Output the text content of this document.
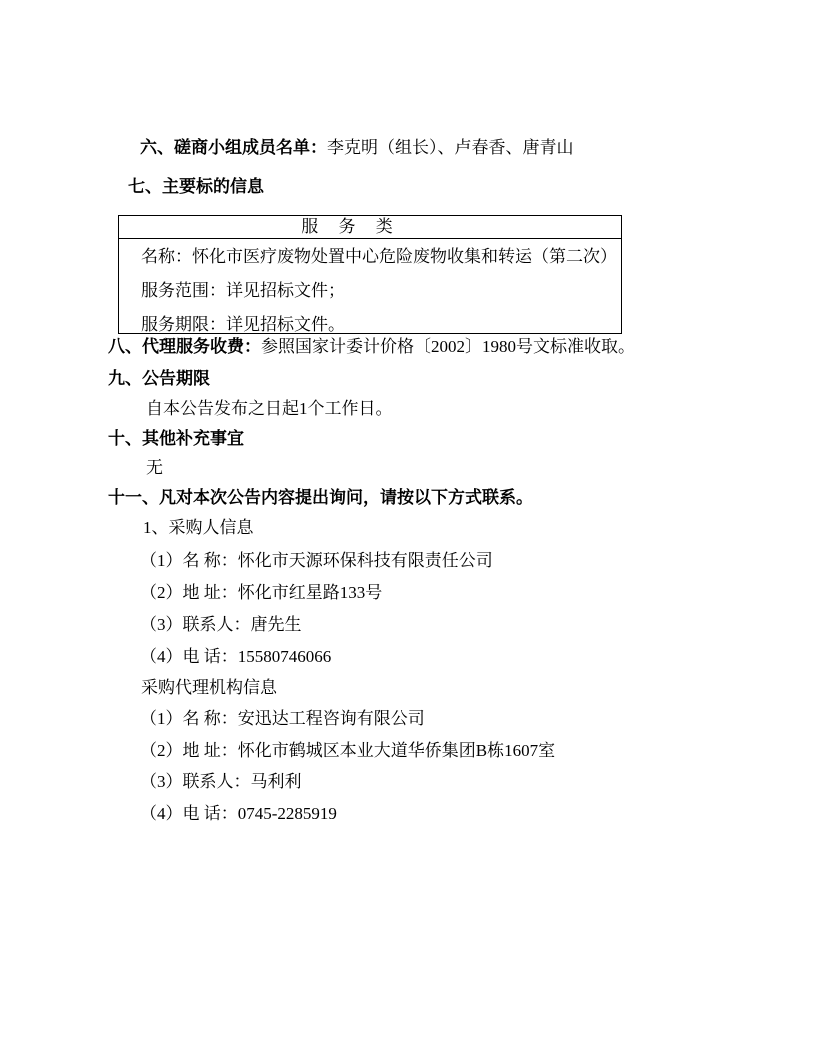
六、磋商小组成员名单：李克明（组长）、卢春香、唐青山
七、主要标的信息
服 务 类
名称：怀化市医疗废物处置中心危险废物收集和转运（第二次）
服务范围：详见招标文件；
服务期限：详见招标文件。
八、代理服务收费：参照国家计委计价格〔2002〕1980号文标准收取。
九、公告期限
自本公告发布之日起1个工作日。
十、其他补充事宜
无
十一、凡对本次公告内容提出询问，请按以下方式联系。
1、采购人信息
（1）名 称：怀化市天源环保科技有限责任公司
（2）地 址：怀化市红星路133号
（3）联系人：唐先生
（4）电 话：15580746066
采购代理机构信息
（1）名 称：安迅达工程咨询有限公司
（2）地 址：怀化市鹤城区本业大道华侨集团B栋1607室
（3）联系人：马利利
（4）电 话：0745-2285919
